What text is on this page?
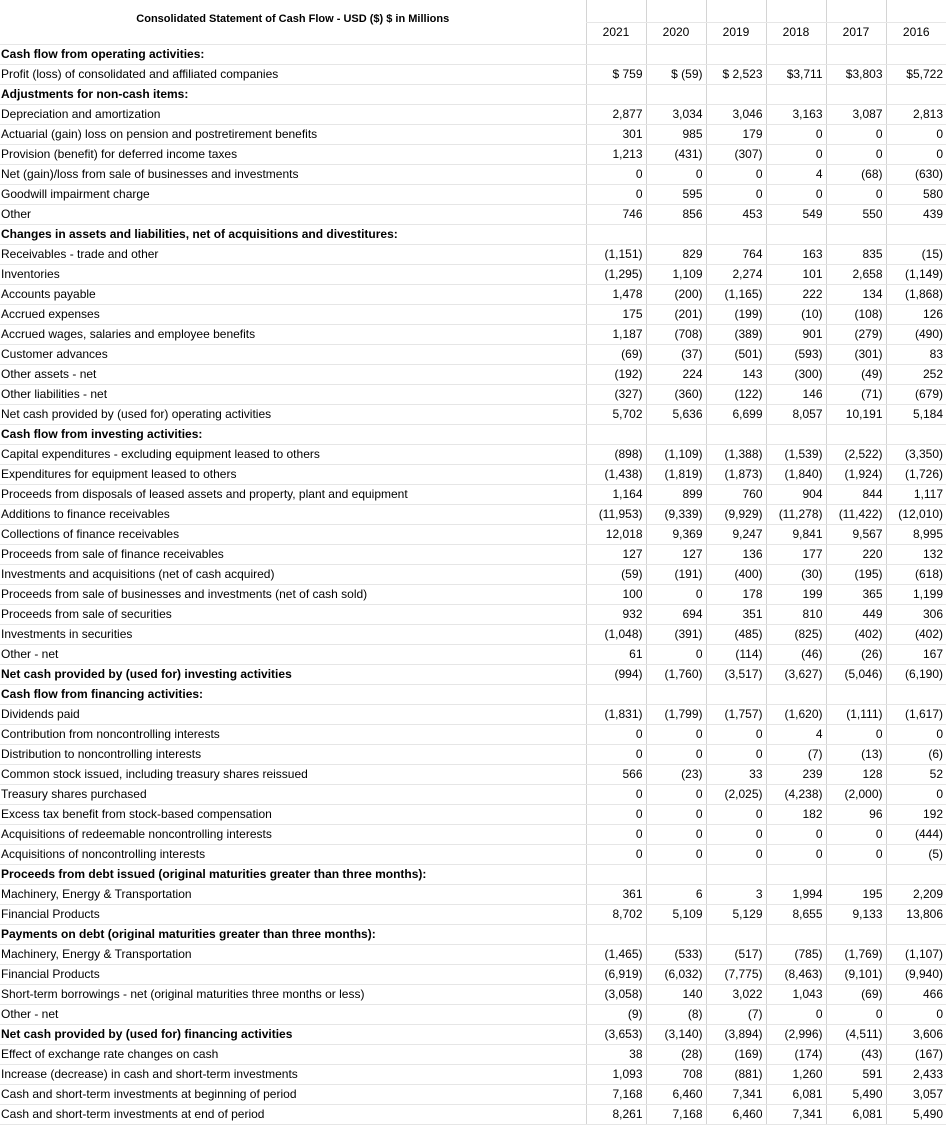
Consolidated Statement of Cash Flow - USD ($) $ in Millions						
	2021	2020	2019	2018	2017	2016
Cash flow from operating activities:						
Profit (loss) of consolidated and affiliated companies	$ 759	$ (59)	$ 2,523	$3,711	$3,803	$5,722
Adjustments for non-cash items:						
Depreciation and amortization	2,877	3,034	3,046	3,163	3,087	2,813
Actuarial (gain) loss on pension and postretirement benefits	301	985	179	0	0	0
Provision (benefit) for deferred income taxes	1,213	(431)	(307)	0	0	0
Net (gain)/loss from sale of businesses and investments	0	0	0	4	(68)	(630)
Goodwill impairment charge	0	595	0	0	0	580
Other	746	856	453	549	550	439
Changes in assets and liabilities, net of acquisitions and divestitures:						
Receivables - trade and other	(1,151)	829	764	163	835	(15)
Inventories	(1,295)	1,109	2,274	101	2,658	(1,149)
Accounts payable	1,478	(200)	(1,165)	222	134	(1,868)
Accrued expenses	175	(201)	(199)	(10)	(108)	126
Accrued wages, salaries and employee benefits	1,187	(708)	(389)	901	(279)	(490)
Customer advances	(69)	(37)	(501)	(593)	(301)	83
Other assets - net	(192)	224	143	(300)	(49)	252
Other liabilities - net	(327)	(360)	(122)	146	(71)	(679)
Net cash provided by (used for) operating activities	5,702	5,636	6,699	8,057	10,191	5,184
Cash flow from investing activities:						
Capital expenditures - excluding equipment leased to others	(898)	(1,109)	(1,388)	(1,539)	(2,522)	(3,350)
Expenditures for equipment leased to others	(1,438)	(1,819)	(1,873)	(1,840)	(1,924)	(1,726)
Proceeds from disposals of leased assets and property, plant and equipment	1,164	899	760	904	844	1,117
Additions to finance receivables	(11,953)	(9,339)	(9,929)	(11,278)	(11,422)	(12,010)
Collections of finance receivables	12,018	9,369	9,247	9,841	9,567	8,995
Proceeds from sale of finance receivables	127	127	136	177	220	132
Investments and acquisitions (net of cash acquired)	(59)	(191)	(400)	(30)	(195)	(618)
Proceeds from sale of businesses and investments (net of cash sold)	100	0	178	199	365	1,199
Proceeds from sale of securities	932	694	351	810	449	306
Investments in securities	(1,048)	(391)	(485)	(825)	(402)	(402)
Other - net	61	0	(114)	(46)	(26)	167
Net cash provided by (used for) investing activities	(994)	(1,760)	(3,517)	(3,627)	(5,046)	(6,190)
Cash flow from financing activities:						
Dividends paid	(1,831)	(1,799)	(1,757)	(1,620)	(1,111)	(1,617)
Contribution from noncontrolling interests	0	0	0	4	0	0
Distribution to noncontrolling interests	0	0	0	(7)	(13)	(6)
Common stock issued, including treasury shares reissued	566	(23)	33	239	128	52
Treasury shares purchased	0	0	(2,025)	(4,238)	(2,000)	0
Excess tax benefit from stock-based compensation	0	0	0	182	96	192
Acquisitions of redeemable noncontrolling interests	0	0	0	0	0	(444)
Acquisitions of noncontrolling interests	0	0	0	0	0	(5)
Proceeds from debt issued (original maturities greater than three months):						
Machinery, Energy & Transportation	361	6	3	1,994	195	2,209
Financial Products	8,702	5,109	5,129	8,655	9,133	13,806
Payments on debt (original maturities greater than three months):						
Machinery, Energy & Transportation	(1,465)	(533)	(517)	(785)	(1,769)	(1,107)
Financial Products	(6,919)	(6,032)	(7,775)	(8,463)	(9,101)	(9,940)
Short-term borrowings - net (original maturities three months or less)	(3,058)	140	3,022	1,043	(69)	466
Other - net	(9)	(8)	(7)	0	0	0
Net cash provided by (used for) financing activities	(3,653)	(3,140)	(3,894)	(2,996)	(4,511)	3,606
Effect of exchange rate changes on cash	38	(28)	(169)	(174)	(43)	(167)
Increase (decrease) in cash and short-term investments	1,093	708	(881)	1,260	591	2,433
Cash and short-term investments at beginning of period	7,168	6,460	7,341	6,081	5,490	3,057
Cash and short-term investments at end of period	8,261	7,168	6,460	7,341	6,081	5,490
